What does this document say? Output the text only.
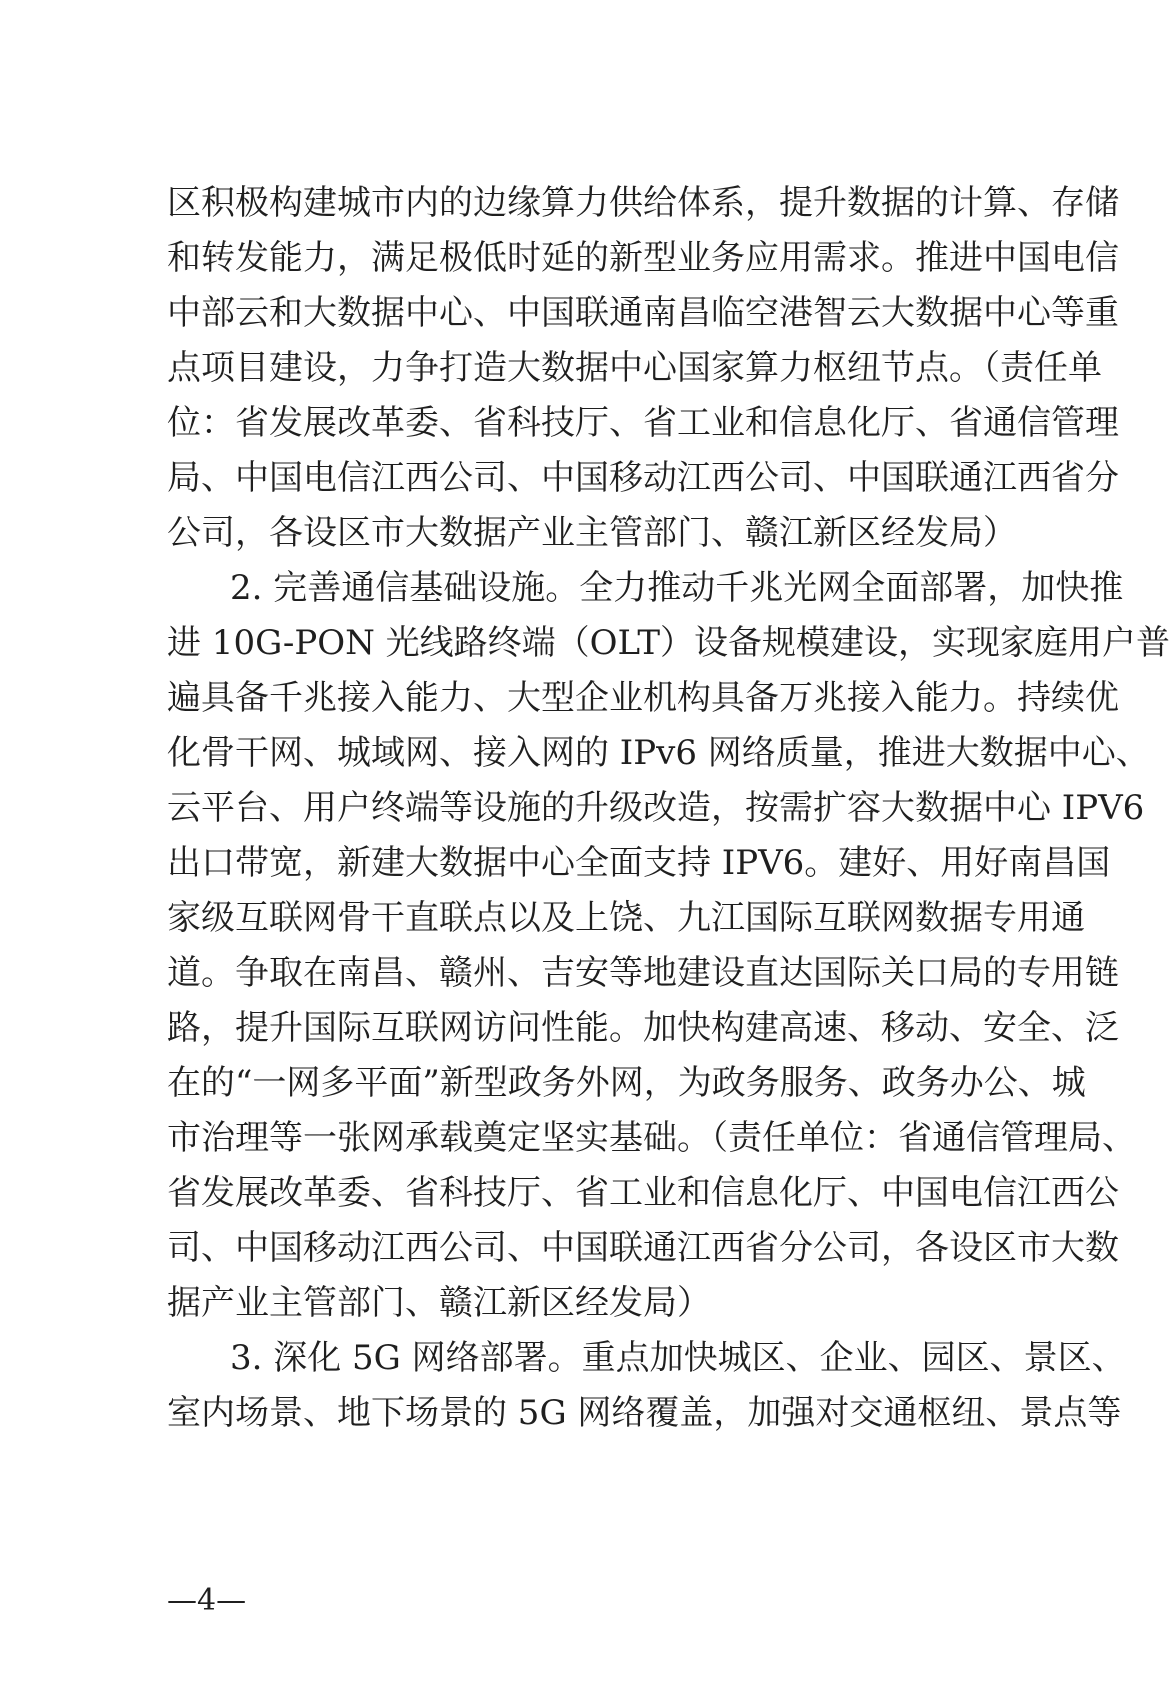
区积极构建城市内的边缘算力供给体系，提升数据的计算、存储
和转发能力，满足极低时延的新型业务应用需求。推进中国电信
中部云和大数据中心、中国联通南昌临空港智云大数据中心等重
点项目建设，力争打造大数据中心国家算力枢纽节点。（责任单
位：省发展改革委、省科技厅、省工业和信息化厅、省通信管理
局、中国电信江西公司、中国移动江西公司、中国联通江西省分
公司，各设区市大数据产业主管部门、赣江新区经发局）
2. 完善通信基础设施。全力推动千兆光网全面部署，加快推
进 10G-PON 光线路终端（OLT）设备规模建设，实现家庭用户普
遍具备千兆接入能力、大型企业机构具备万兆接入能力。持续优
化骨干网、城域网、接入网的 IPv6 网络质量，推进大数据中心、
云平台、用户终端等设施的升级改造，按需扩容大数据中心 IPV6
出口带宽，新建大数据中心全面支持 IPV6。建好、用好南昌国
家级互联网骨干直联点以及上饶、九江国际互联网数据专用通
道。争取在南昌、赣州、吉安等地建设直达国际关口局的专用链
路，提升国际互联网访问性能。加快构建高速、移动、安全、泛
在的“一网多平面”新型政务外网，为政务服务、政务办公、城
市治理等一张网承载奠定坚实基础。（责任单位：省通信管理局、
省发展改革委、省科技厅、省工业和信息化厅、中国电信江西公
司、中国移动江西公司、中国联通江西省分公司，各设区市大数
据产业主管部门、赣江新区经发局）
3. 深化 5G 网络部署。重点加快城区、企业、园区、景区、
室内场景、地下场景的 5G 网络覆盖，加强对交通枢纽、景点等
—4—
